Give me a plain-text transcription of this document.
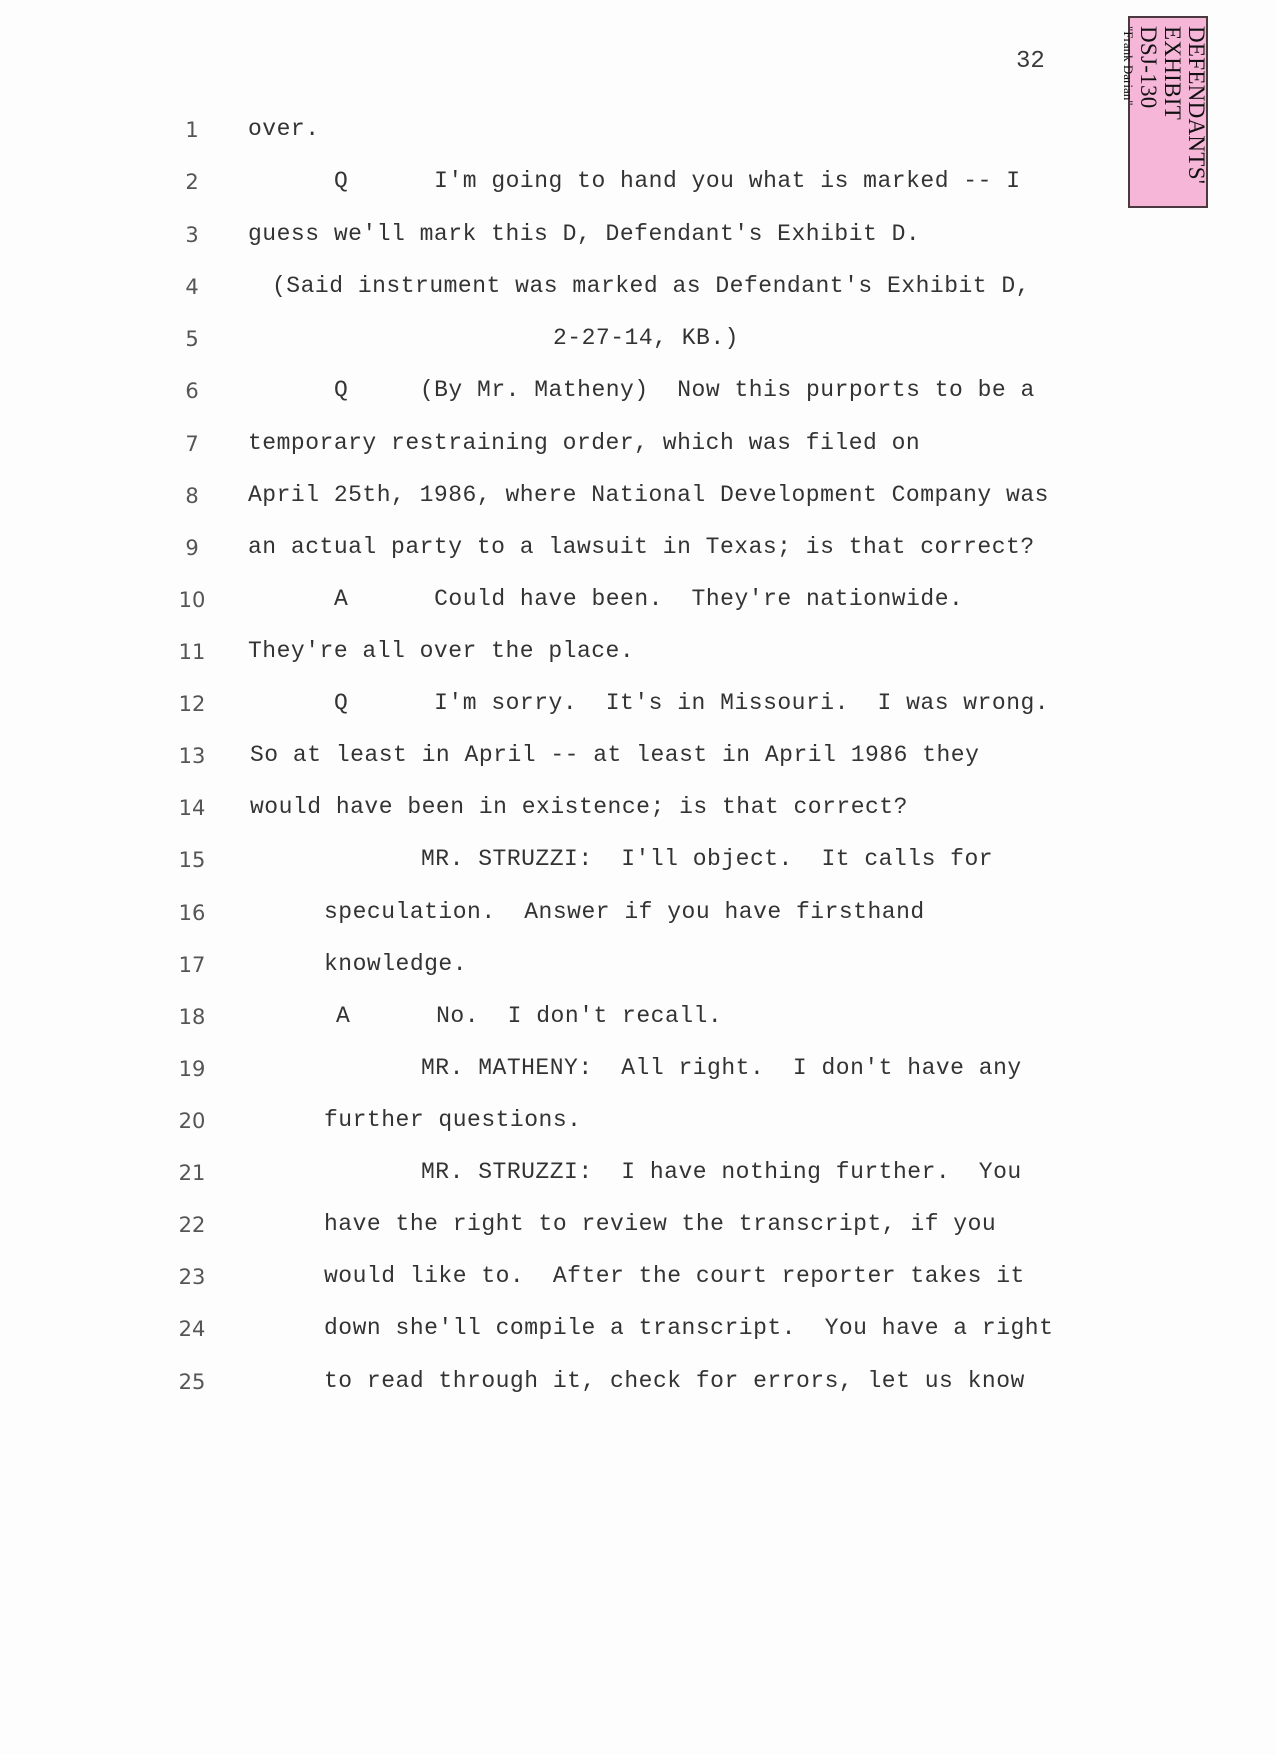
32	DEFENDANTS'
EXHIBIT
DSJ-130
"Frank Darian"
1	over.
2	Q      I'm going to hand you what is marked -- I
3	guess we'll mark this D, Defendant's Exhibit D.
4	(Said instrument was marked as Defendant's Exhibit D,
5	2-27-14, KB.)
6	Q     (By Mr. Matheny)  Now this purports to be a
7	temporary restraining order, which was filed on
8	April 25th, 1986, where National Development Company was
9	an actual party to a lawsuit in Texas; is that correct?
10	A      Could have been.  They're nationwide.
11	They're all over the place.
12	Q      I'm sorry.  It's in Missouri.  I was wrong.
13	So at least in April -- at least in April 1986 they
14	would have been in existence; is that correct?
15	MR. STRUZZI:  I'll object.  It calls for
16	speculation.  Answer if you have firsthand
17	knowledge.
18	A      No.  I don't recall.
19	MR. MATHENY:  All right.  I don't have any
20	further questions.
21	MR. STRUZZI:  I have nothing further.  You
22	have the right to review the transcript, if you
23	would like to.  After the court reporter takes it
24	down she'll compile a transcript.  You have a right
25	to read through it, check for errors, let us know
